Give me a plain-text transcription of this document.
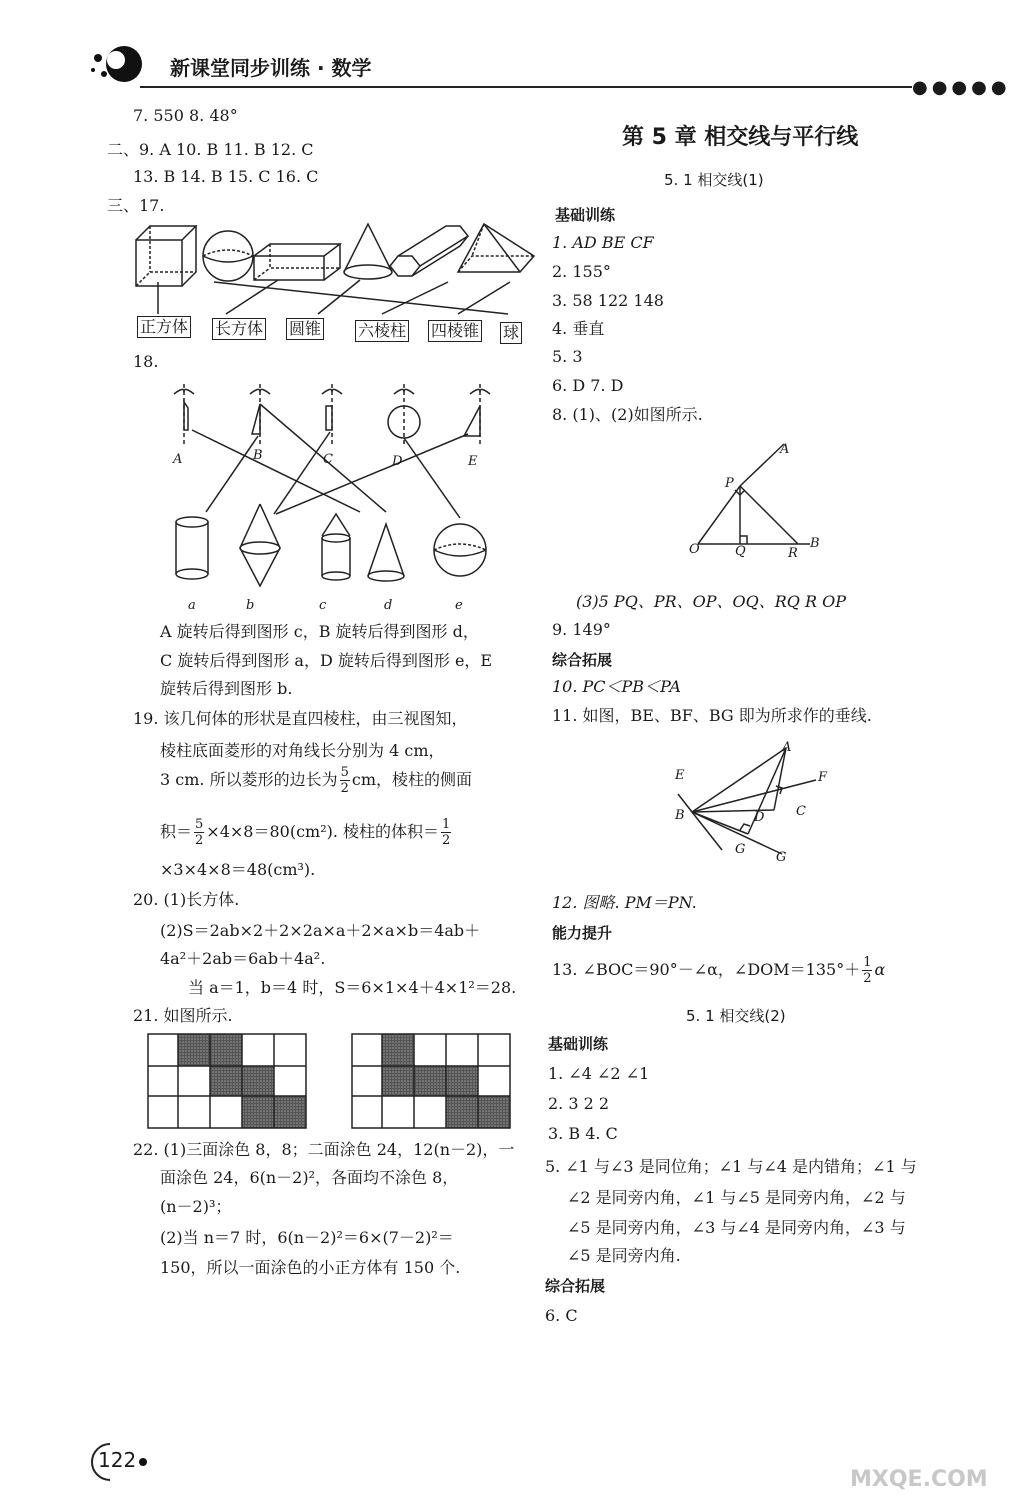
新课堂同步训练 · 数学
●●●●●
7. 550 8. 48°
二、9. A 10. B 11. B 12. C
13. B 14. B 15. C 16. C
三、17.
正方体 长方体 圆锥 六棱柱 四棱锥 球
18.
A	B	C	D	E
a	b	c	d	e
A 旋转后得到图形 c，B 旋转后得到图形 d，
C 旋转后得到图形 a，D 旋转后得到图形 e，E
旋转后得到图形 b.
19. 该几何体的形状是直四棱柱，由三视图知，
棱柱底面菱形的对角线长分别为 4 cm，
3 cm. 所以菱形的边长为 $\frac{5}{2}$ cm，棱柱的侧面
积＝ $\frac{5}{2} \times 4\times 8=80(cm^2)$. 棱柱的体积＝ $\frac{1}{2}$
×3×4×8＝48(cm³).
20. (1)长方体.
(2)S＝2ab×2＋2×2a×a＋2×a×b＝4ab＋
4a²＋2ab＝6ab＋4a².
当 a＝1，b＝4 时，S＝6×1×4＋4×1²＝28.
21. 如图所示.
22. (1)三面涂色 8，8；二面涂色 24，12(n－2)，一
面涂色 24，6(n－2)²，各面均不涂色 8，
(n－2)³；
(2)当 n＝7 时，6(n－2)²＝6×(7－2)²＝
150，所以一面涂色的小正方体有 150 个.
第 5 章 相交线与平行线
5. 1 相交线(1)
基础训练
1. AD BE CF
2. 155°
3. 58 122 148
4. 垂直
5. 3
6. D 7. D
8. (1)、(2)如图所示.
A
P
O	Q	R
B
(3)5 PQ、PR、OP、OQ、RQ R OP
9. 149°
综合拓展
10. PC＜PB＜PA
11. 如图，BE、BF、BG 即为所求作的垂线.
A
E	F
B	D C
G
G
12. 图略. PM＝PN.
能力提升
13. ∠BOC＝90°－∠α，∠DOM＝135°＋ $\frac{1}{2}$ α
5. 1 相交线(2)
基础训练
1. ∠4 ∠2 ∠1
2. 3 2 2
3. B 4. C
5. ∠1 与∠3 是同位角；∠1 与∠4 是内错角；∠1 与
∠2 是同旁内角，∠1 与∠5 是同旁内角，∠2 与
∠5 是同旁内角，∠3 与∠4 是同旁内角，∠3 与
∠5 是同旁内角.
综合拓展
6. C
122
MXQE.COM
